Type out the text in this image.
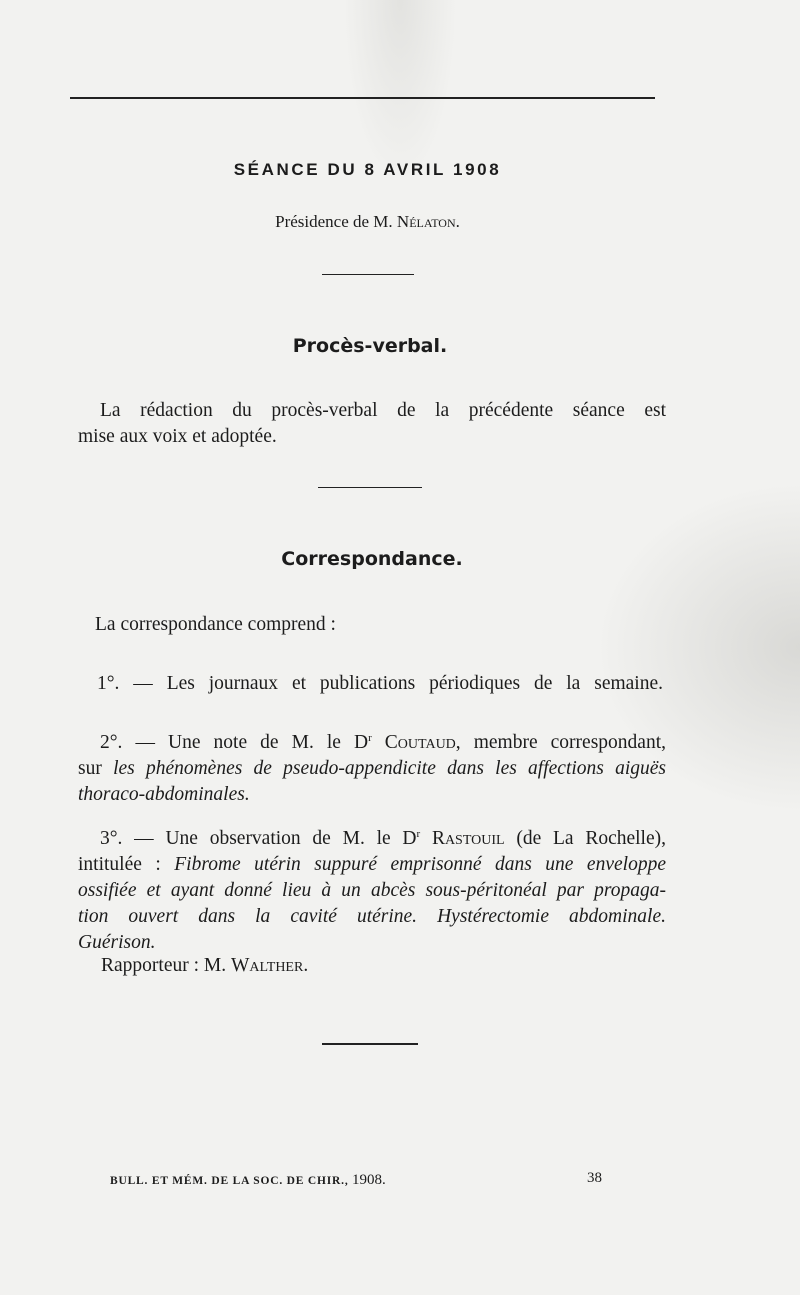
SÉANCE DU 8 AVRIL 1908
Présidence de M. Nélaton.
Procès-verbal.
La rédaction du procès-verbal de la précédente séance est
mise aux voix et adoptée.
Correspondance.
La correspondance comprend :
1°. — Les journaux et publications périodiques de la semaine.
2°. — Une note de M. le $D^r$ Coutaud, membre correspondant,
sur les phénomènes de pseudo-appendicite dans les affections aiguës
thoraco-abdominales.
3°. — Une observation de M. le $D^r$ Rastouil (de La Rochelle),
intitulée : Fibrome utérin suppuré emprisonné dans une enveloppe
ossifiée et ayant donné lieu à un abcès sous-péritonéal par propaga-
tion ouvert dans la cavité utérine. Hystérectomie abdominale.
Guérison.
Rapporteur : M. Walther.
BULL. ET MÉM. DE LA SOC. DE CHIR., 1908.	38
